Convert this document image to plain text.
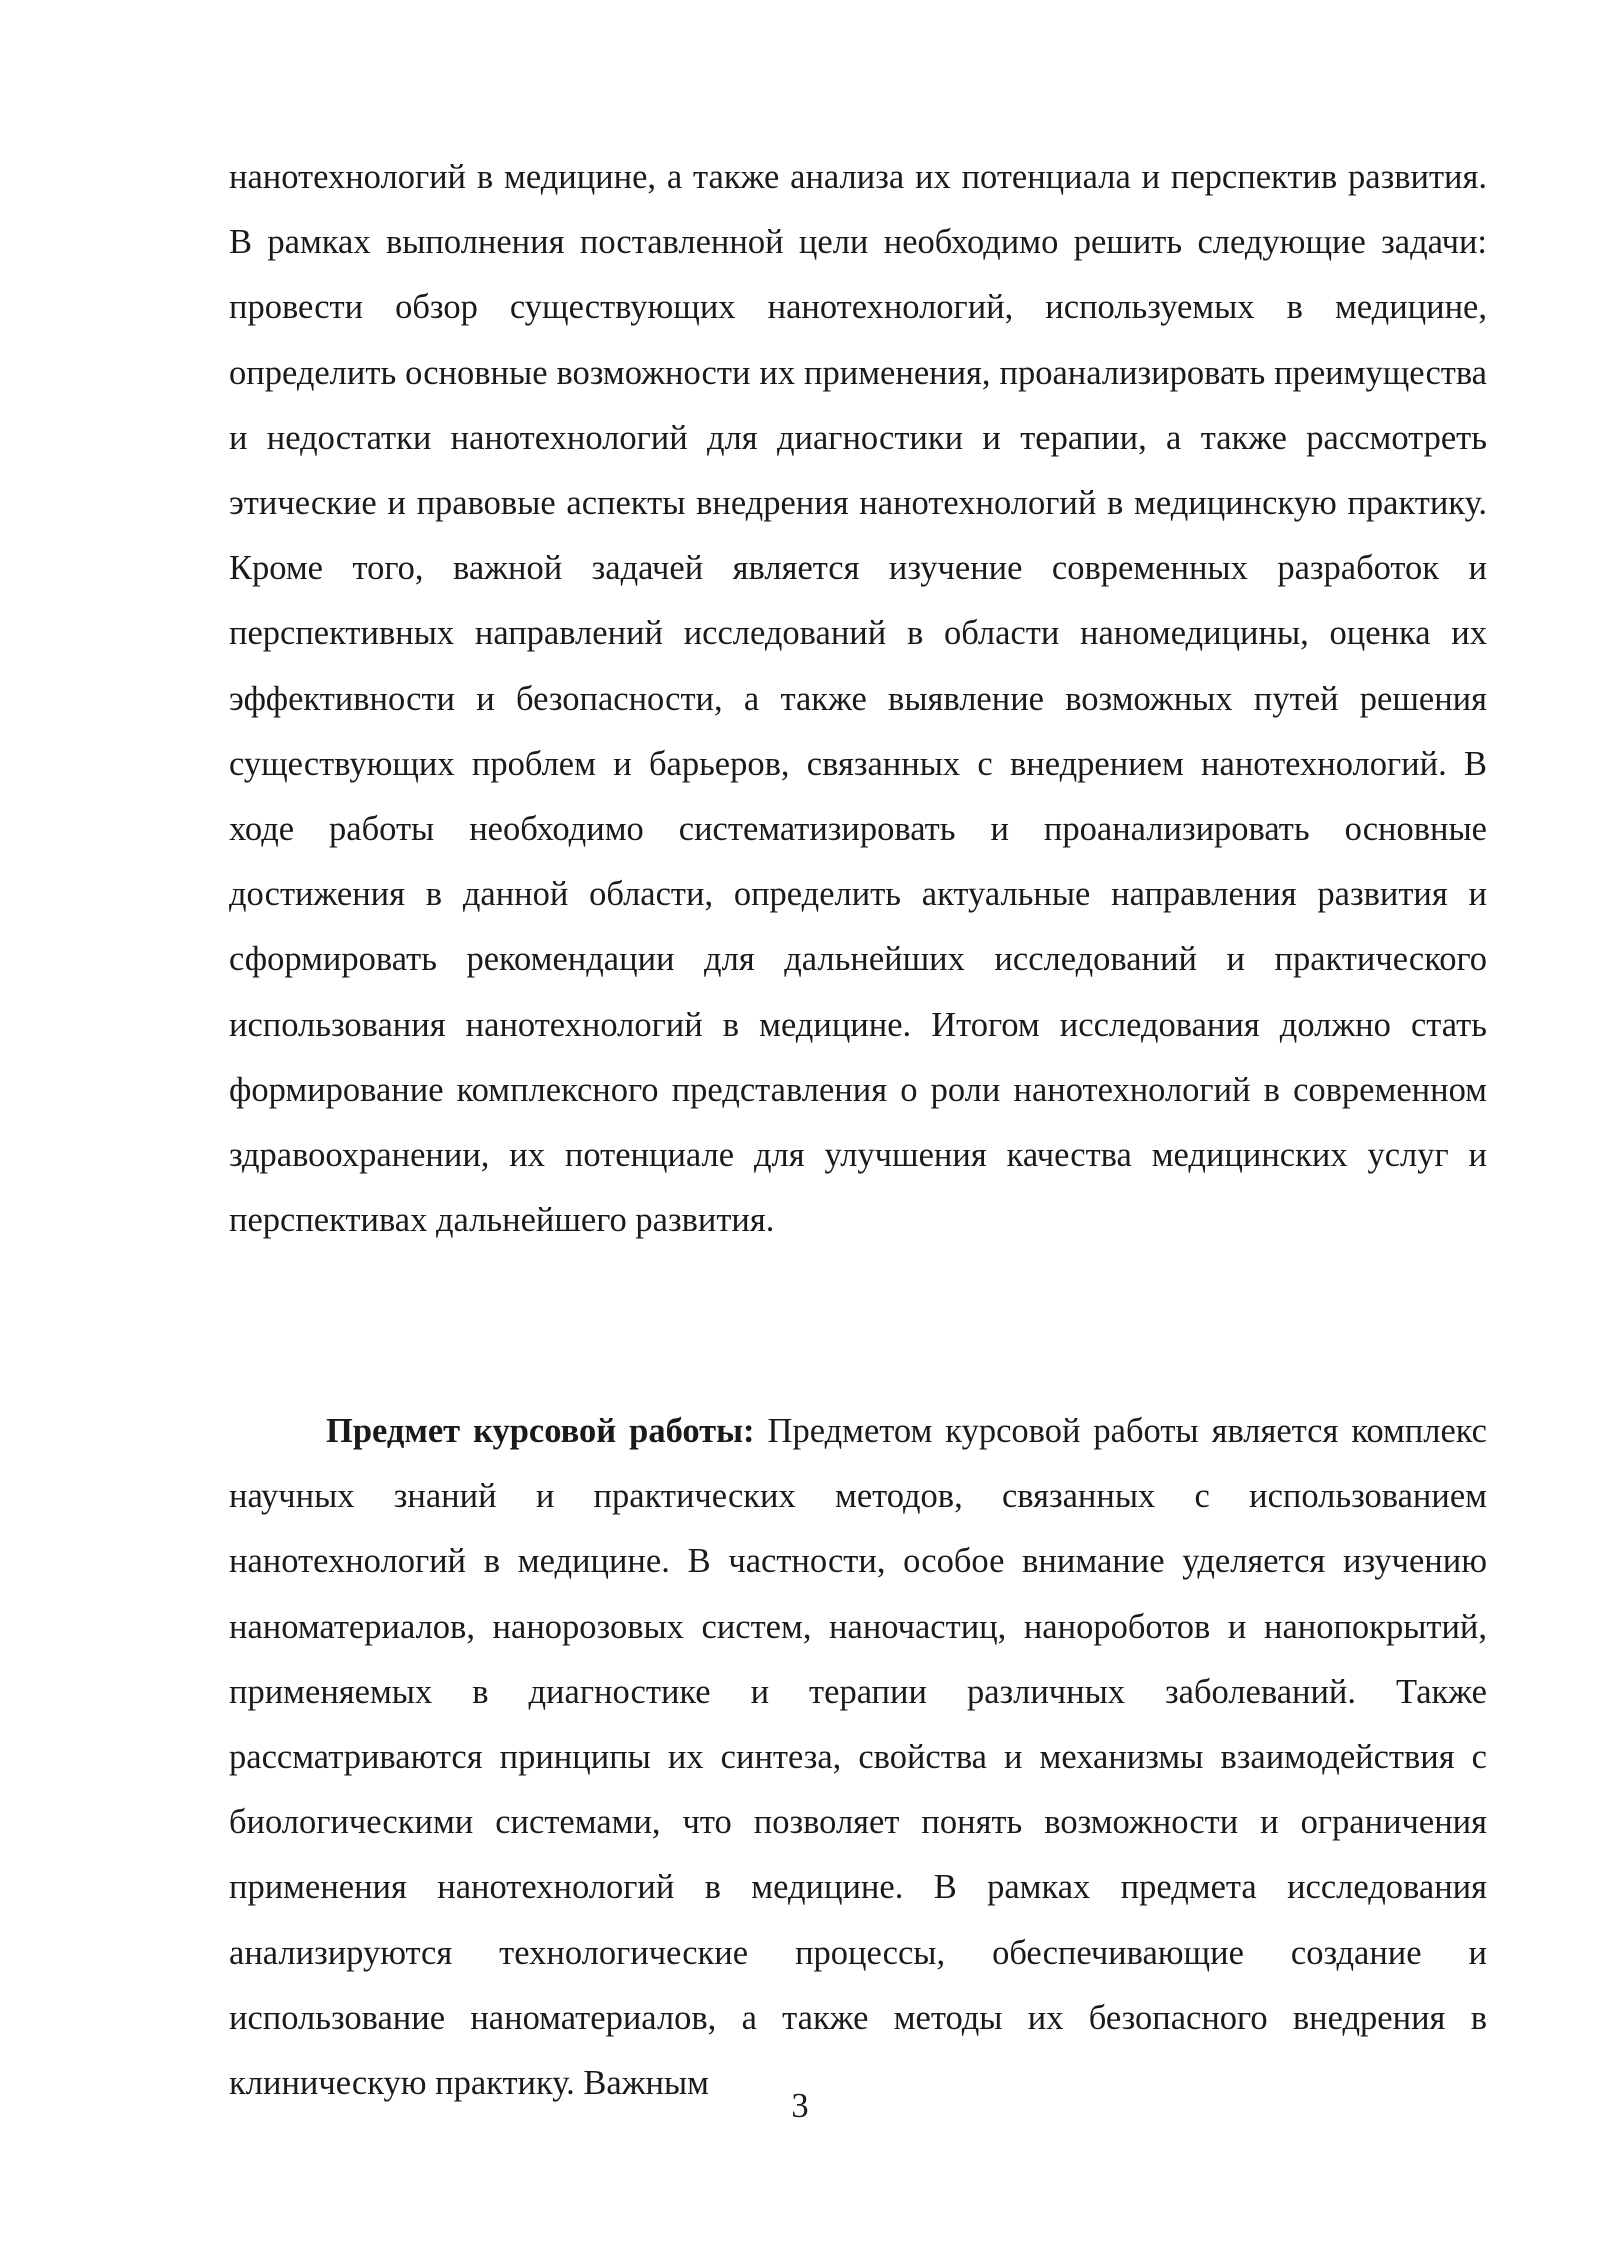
нанотехнологий в медицине, а также анализа их потенциала и перспектив развития. В рамках выполнения поставленной цели необходимо решить следующие задачи: провести обзор существующих нанотехнологий, используемых в медицине, определить основные возможности их применения, проанализировать преимущества и недостатки нанотехнологий для диагностики и терапии, а также рассмотреть этические и правовые аспекты внедрения нанотехнологий в медицинскую практику. Кроме того, важной задачей является изучение современных разработок и перспективных направлений исследований в области наномедицины, оценка их эффективности и безопасности, а также выявление возможных путей решения существующих проблем и барьеров, связанных с внедрением нанотехнологий. В ходе работы необходимо систематизировать и проанализировать основные достижения в данной области, определить актуальные направления развития и сформировать рекомендации для дальнейших исследований и практического использования нанотехнологий в медицине. Итогом исследования должно стать формирование комплексного представления о роли нанотехнологий в современном здравоохранении, их потенциале для улучшения качества медицинских услуг и перспективах дальнейшего развития.

Предмет курсовой работы: Предметом курсовой работы является комплекс научных знаний и практических методов, связанных с использованием нанотехнологий в медицине. В частности, особое внимание уделяется изучению наноматериалов, нанорозовых систем, наночастиц, нанороботов и нанопокрытий, применяемых в диагностике и терапии различных заболеваний. Также рассматриваются принципы их синтеза, свойства и механизмы взаимодействия с биологическими системами, что позволяет понять возможности и ограничения применения нанотехнологий в медицине. В рамках предмета исследования анализируются технологические процессы, обеспечивающие создание и использование наноматериалов, а также методы их безопасного внедрения в клиническую практику. Важным

3
